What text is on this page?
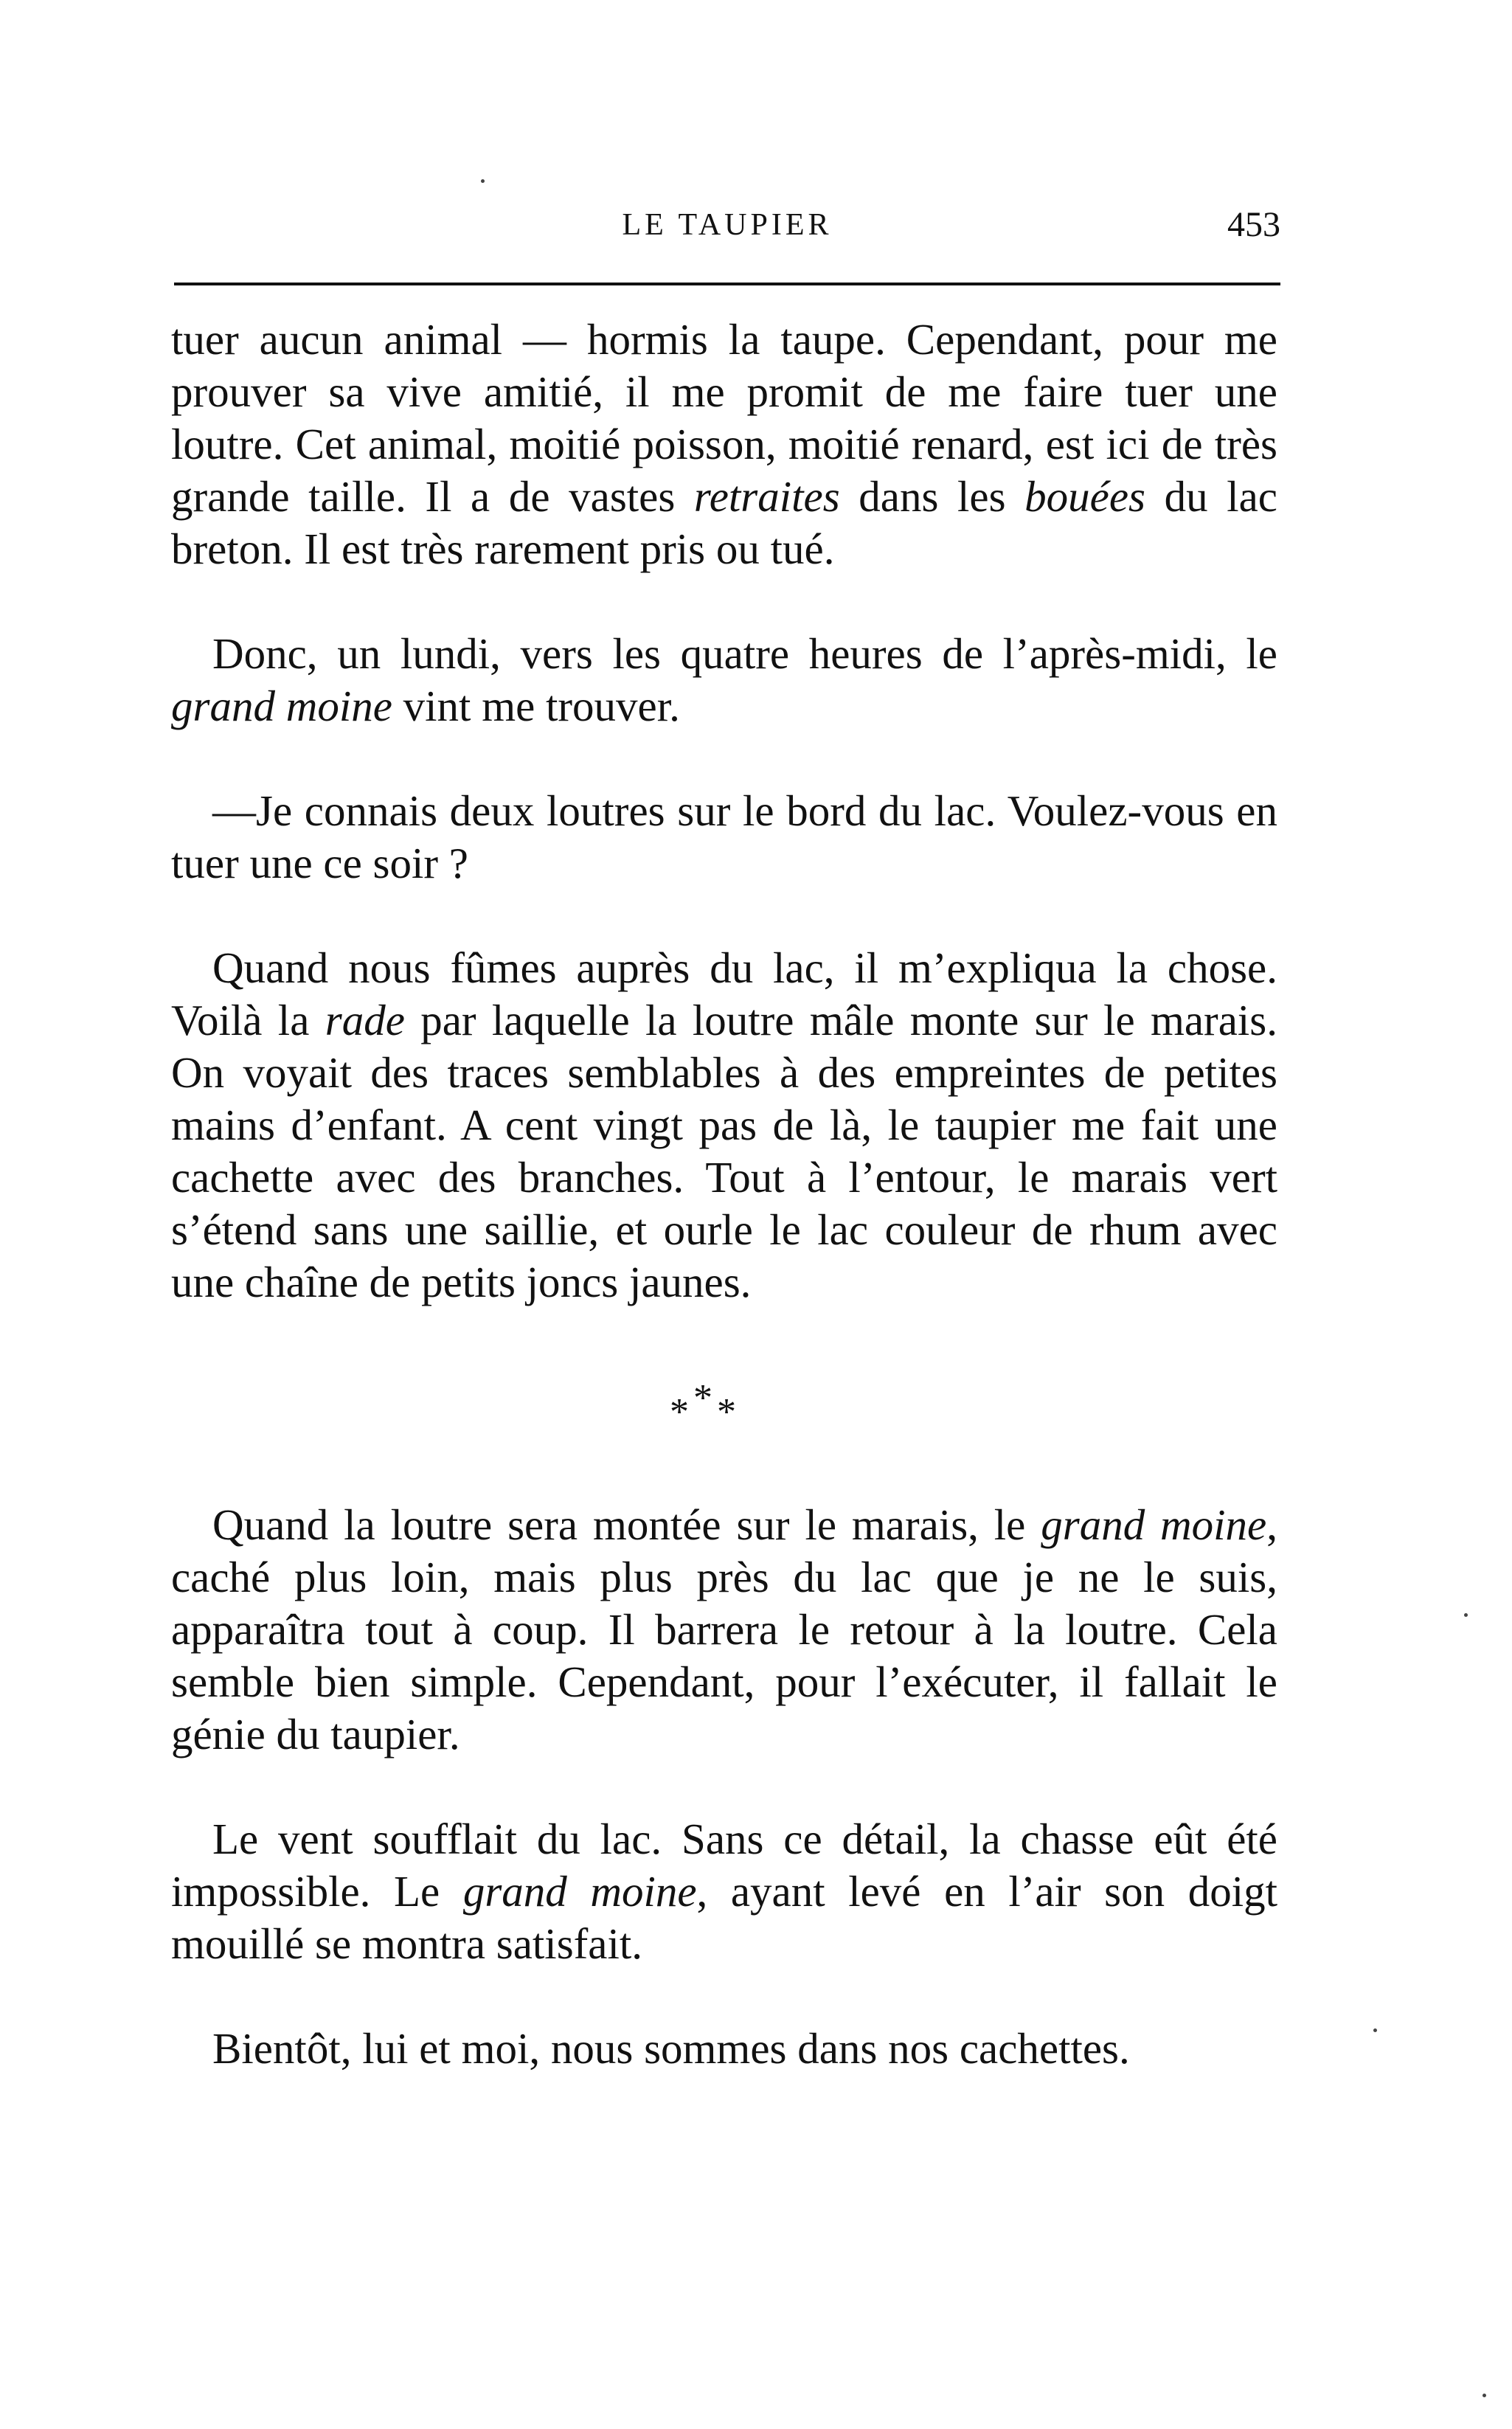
LE TAUPIER	453

tuer aucun animal — hormis la taupe. Cependant, pour me prouver sa vive amitié, il me promit de me faire tuer une loutre. Cet animal, moitié poisson, moitié renard, est ici de très grande taille. Il a de vastes retraites dans les bouées du lac breton. Il est très rarement pris ou tué.

Donc, un lundi, vers les quatre heures de l’après-midi, le grand moine vint me trouver.

—Je connais deux loutres sur le bord du lac. Voulez-vous en tuer une ce soir ?

Quand nous fûmes auprès du lac, il m’expliqua la chose. Voilà la rade par laquelle la loutre mâle monte sur le marais. On voyait des traces semblables à des empreintes de petites mains d’enfant. A cent vingt pas de là, le taupier me fait une cachette avec des branches. Tout à l’entour, le marais vert s’étend sans une saillie, et ourle le lac couleur de rhum avec une chaîne de petits joncs jaunes.

* * *

Quand la loutre sera montée sur le marais, le grand moine, caché plus loin, mais plus près du lac que je ne le suis, apparaîtra tout à coup. Il barrera le retour à la loutre. Cela semble bien simple. Cependant, pour l’exécuter, il fallait le génie du taupier.

Le vent soufflait du lac. Sans ce détail, la chasse eût été impossible. Le grand moine, ayant levé en l’air son doigt mouillé se montra satisfait.

Bientôt, lui et moi, nous sommes dans nos cachettes.
